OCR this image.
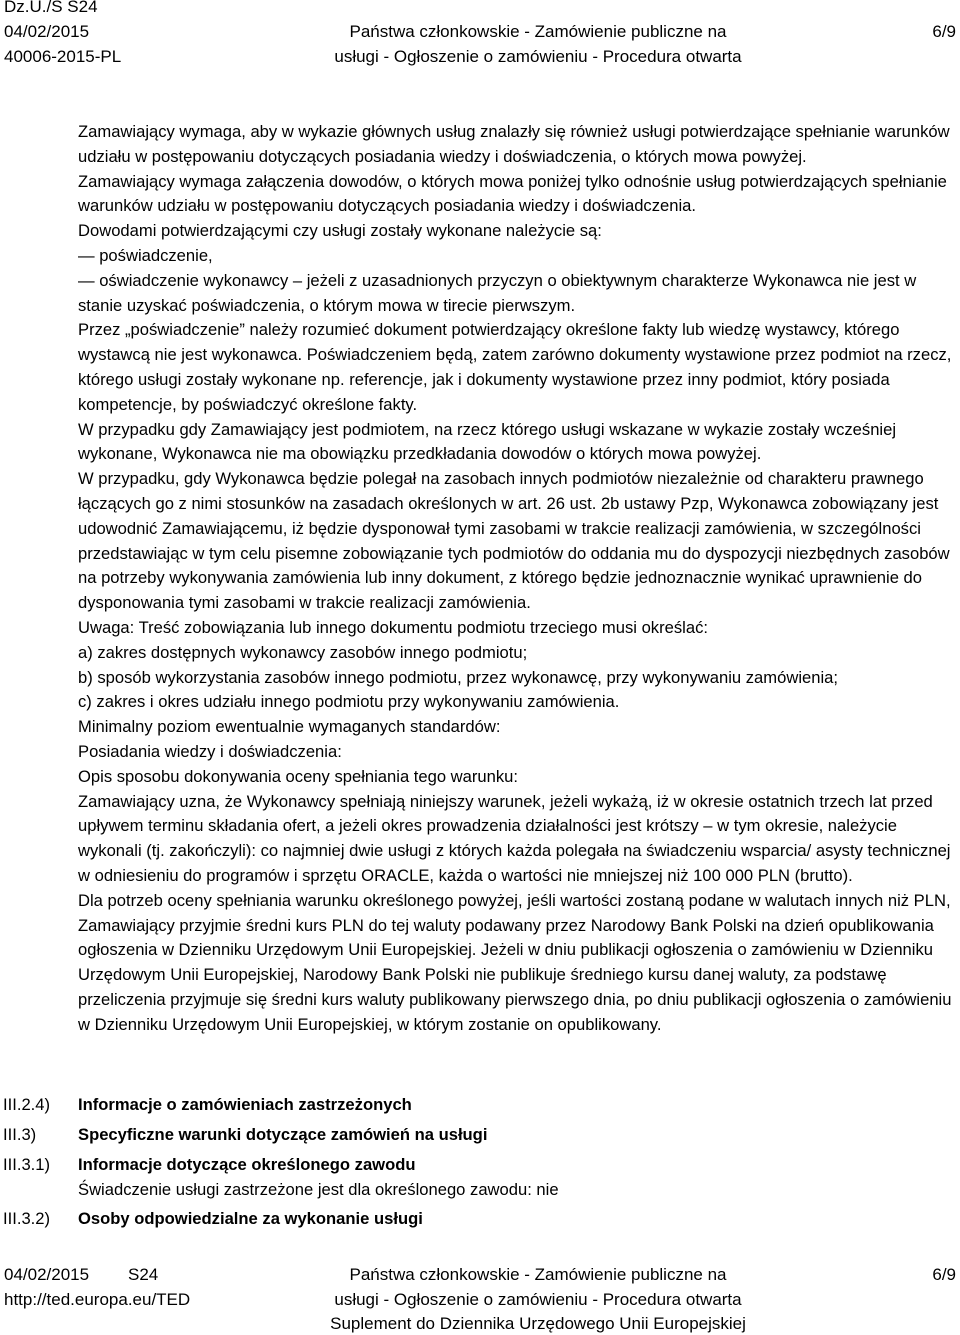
Dz.U./S S24
04/02/2015
40006-2015-PL
Państwa członkowskie - Zamówienie publiczne na
usługi - Ogłoszenie o zamówieniu - Procedura otwarta
6/9

Zamawiający wymaga, aby w wykazie głównych usług znalazły się również usługi potwierdzające spełnianie warunków udziału w postępowaniu dotyczących posiadania wiedzy i doświadczenia, o których mowa powyżej.

Zamawiający wymaga załączenia dowodów, o których mowa poniżej tylko odnośnie usług potwierdzających spełnianie warunków udziału w postępowaniu dotyczących posiadania wiedzy i doświadczenia.

Dowodami potwierdzającymi czy usługi zostały wykonane należycie są:

— poświadczenie,

— oświadczenie wykonawcy – jeżeli z uzasadnionych przyczyn o obiektywnym charakterze Wykonawca nie jest w stanie uzyskać poświadczenia, o którym mowa w tirecie pierwszym.

Przez „poświadczenie” należy rozumieć dokument potwierdzający określone fakty lub wiedzę wystawcy, którego wystawcą nie jest wykonawca. Poświadczeniem będą, zatem zarówno dokumenty wystawione przez podmiot na rzecz, którego usługi zostały wykonane np. referencje, jak i dokumenty wystawione przez inny podmiot, który posiada kompetencje, by poświadczyć określone fakty.

W przypadku gdy Zamawiający jest podmiotem, na rzecz którego usługi wskazane w wykazie zostały wcześniej wykonane, Wykonawca nie ma obowiązku przedkładania dowodów o których mowa powyżej.

W przypadku, gdy Wykonawca będzie polegał na zasobach innych podmiotów niezależnie od charakteru prawnego łączących go z nimi stosunków na zasadach określonych w art. 26 ust. 2b ustawy Pzp, Wykonawca zobowiązany jest udowodnić Zamawiającemu, iż będzie dysponował tymi zasobami w trakcie realizacji zamówienia, w szczególności przedstawiając w tym celu pisemne zobowiązanie tych podmiotów do oddania mu do dyspozycji niezbędnych zasobów na potrzeby wykonywania zamówienia lub inny dokument, z którego będzie jednoznacznie wynikać uprawnienie do dysponowania tymi zasobami w trakcie realizacji zamówienia.

Uwaga: Treść zobowiązania lub innego dokumentu podmiotu trzeciego musi określać:

a) zakres dostępnych wykonawcy zasobów innego podmiotu;

b) sposób wykorzystania zasobów innego podmiotu, przez wykonawcę, przy wykonywaniu zamówienia;

c) zakres i okres udziału innego podmiotu przy wykonywaniu zamówienia.

Minimalny poziom ewentualnie wymaganych standardów:

Posiadania wiedzy i doświadczenia:

Opis sposobu dokonywania oceny spełniania tego warunku:

Zamawiający uzna, że Wykonawcy spełniają niniejszy warunek, jeżeli wykażą, iż w okresie ostatnich trzech lat przed upływem terminu składania ofert, a jeżeli okres prowadzenia działalności jest krótszy – w tym okresie, należycie wykonali (tj. zakończyli): co najmniej dwie usługi z których każda polegała na świadczeniu wsparcia/ asysty technicznej w odniesieniu do programów i sprzętu ORACLE, każda o wartości nie mniejszej niż 100 000 PLN (brutto).

Dla potrzeb oceny spełniania warunku określonego powyżej, jeśli wartości zostaną podane w walutach innych niż PLN, Zamawiający przyjmie średni kurs PLN do tej waluty podawany przez Narodowy Bank Polski na dzień opublikowania ogłoszenia w Dzienniku Urzędowym Unii Europejskiej. Jeżeli w dniu publikacji ogłoszenia o zamówieniu w Dzienniku Urzędowym Unii Europejskiej, Narodowy Bank Polski nie publikuje średniego kursu danej waluty, za podstawę przeliczenia przyjmuje się średni kurs waluty publikowany pierwszego dnia, po dniu publikacji ogłoszenia o zamówieniu w Dzienniku Urzędowym Unii Europejskiej, w którym zostanie on opublikowany.

III.2.4) Informacje o zamówieniach zastrzeżonych
III.3)	Specyficzne warunki dotyczące zamówień na usługi
III.3.1) Informacje dotyczące określonego zawodu
Świadczenie usługi zastrzeżone jest dla określonego zawodu: nie
III.3.2) Osoby odpowiedzialne za wykonanie usługi
04/02/2015 S24
http://ted.europa.eu/TED
Państwa członkowskie - Zamówienie publiczne na
usługi - Ogłoszenie o zamówieniu - Procedura otwarta
Suplement do Dziennika Urzędowego Unii Europejskiej
6/9
